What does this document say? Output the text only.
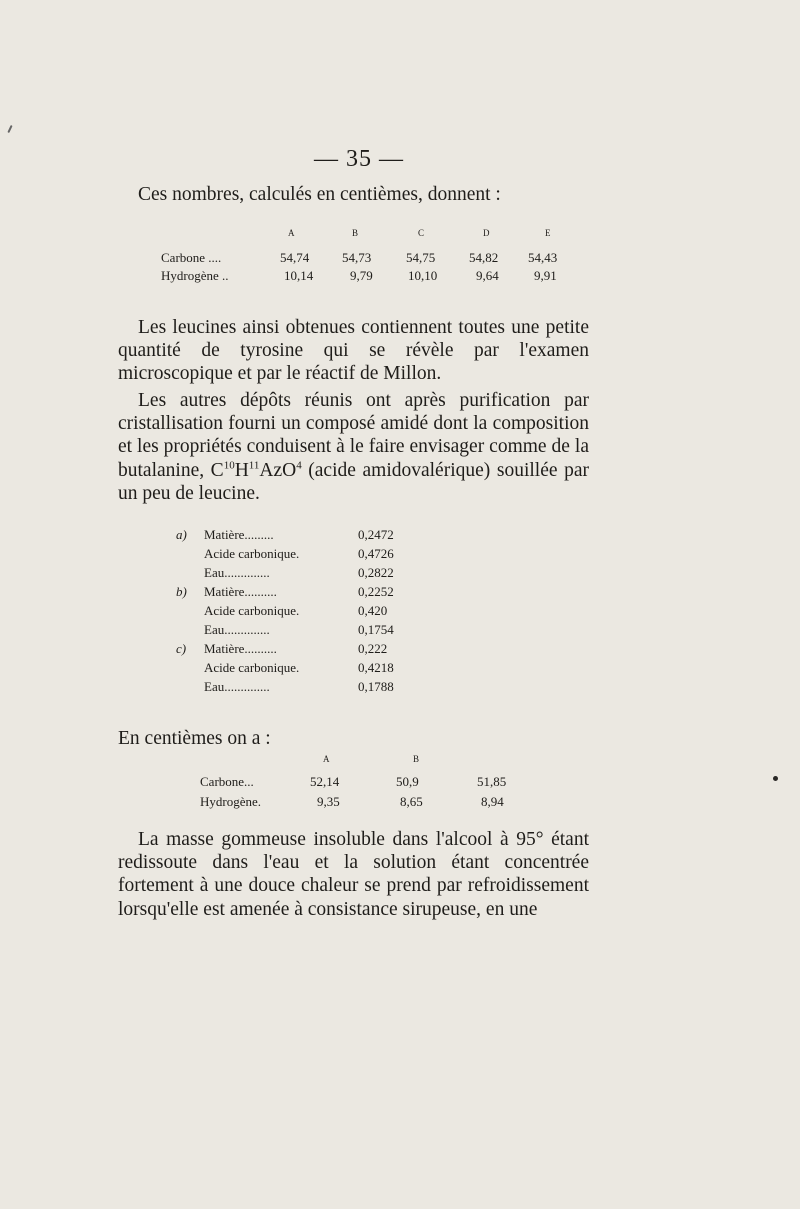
— 35 —
Ces nombres, calculés en centièmes, donnent :
A	B	C	D	E
Carbone ....	54,74	54,73	54,75	54,82 54,43
Hydrogène ..	10,14	9,79	10,10	9,64	9,91
Les leucines ainsi obtenues contiennent toutes une petite quantité de tyrosine qui se révèle par l'examen microscopique et par le réactif de Millon.
Les autres dépôts réunis ont après purification par cristallisation fourni un composé amidé dont la composition et les propriétés conduisent à le faire envisager comme de la butalanine, $C^{10}H^{11}AzO^4$ (acide amidovalérique) souillée par un peu de leucine.
a) Matière.........	0,2472
Acide carbonique.	0,4726
Eau..............	0,2822
b) Matière..........	0,2252
Acide carbonique.	0,420
Eau..............	0,1754
c) Matière..........	0,222
Acide carbonique.	0,4218
Eau..............	0,1788
En centièmes on a :
A	B
Carbone...	52,14	50,9	51,85
Hydrogène.	9,35	8,65	8,94
La masse gommeuse insoluble dans l'alcool à 95° étant redissoute dans l'eau et la solution étant concentrée fortement à une douce chaleur se prend par refroidissement lorsqu'elle est amenée à consistance sirupeuse, en une
